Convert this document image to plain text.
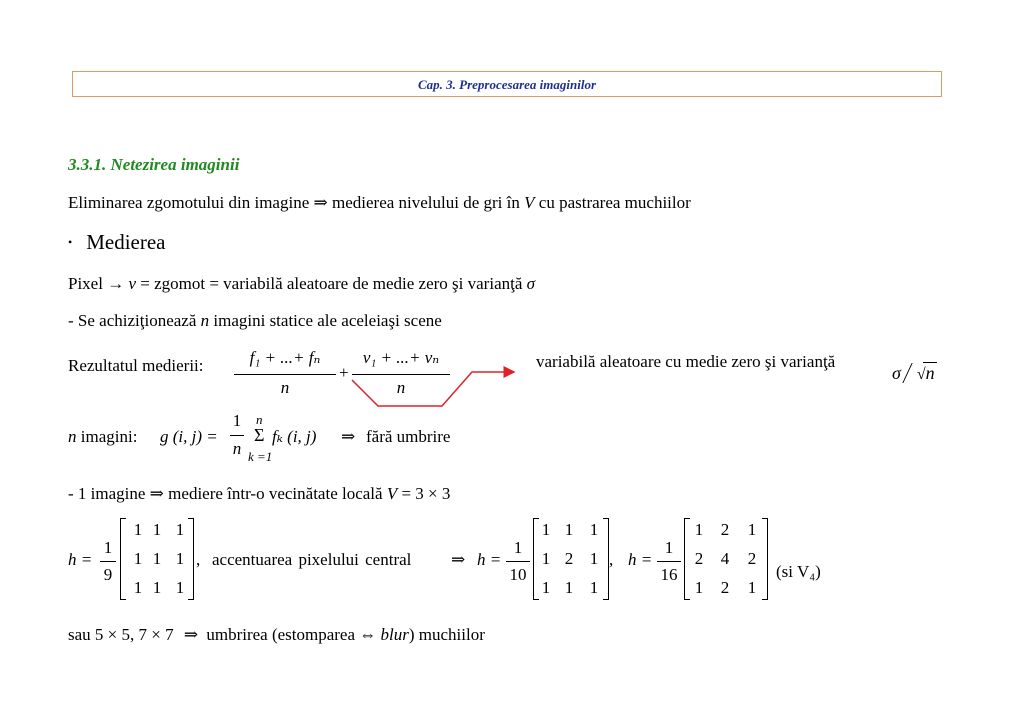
Cap. 3. Preprocesarea imaginilor
3.3.1. Netezirea imaginii
Eliminarea zgomotului din imagine ⇒ medierea nivelului de gri în V cu pastrarea muchiilor
• Medierea
Pixel → ν = zgomot = variabilă aleatoare de medie zero şi varianţă σ
- Se achiziţionează n imagini statice ale aceleiaşi scene
Rezultatul medierii:	f₁ + ...+ fₙ
n
+
ν₁ + ...+ νₙ
n
variabilă aleatoare cu medie zero şi varianţă
σ √n
n imagini: g (i, j) =
1
n
n
Σ
k =1
fₖ (i, j) ⇒ fără umbrire
- 1 imagine ⇒ mediere într-o vecinătate locală V = 3 × 3
h =
1
9
1 1 1
1 1 1
1 1 1
, accentuarea pixelului central ⇒ h =
1
10
1 1 1
1 2 1
1 1 1
, h =
1
16
1	2	1
2	4	2
1	2	1
(si V₄)
sau 5 × 5, 7 × 7 ⇒ umbrirea (estomparea ⇔ blur) muchiilor
